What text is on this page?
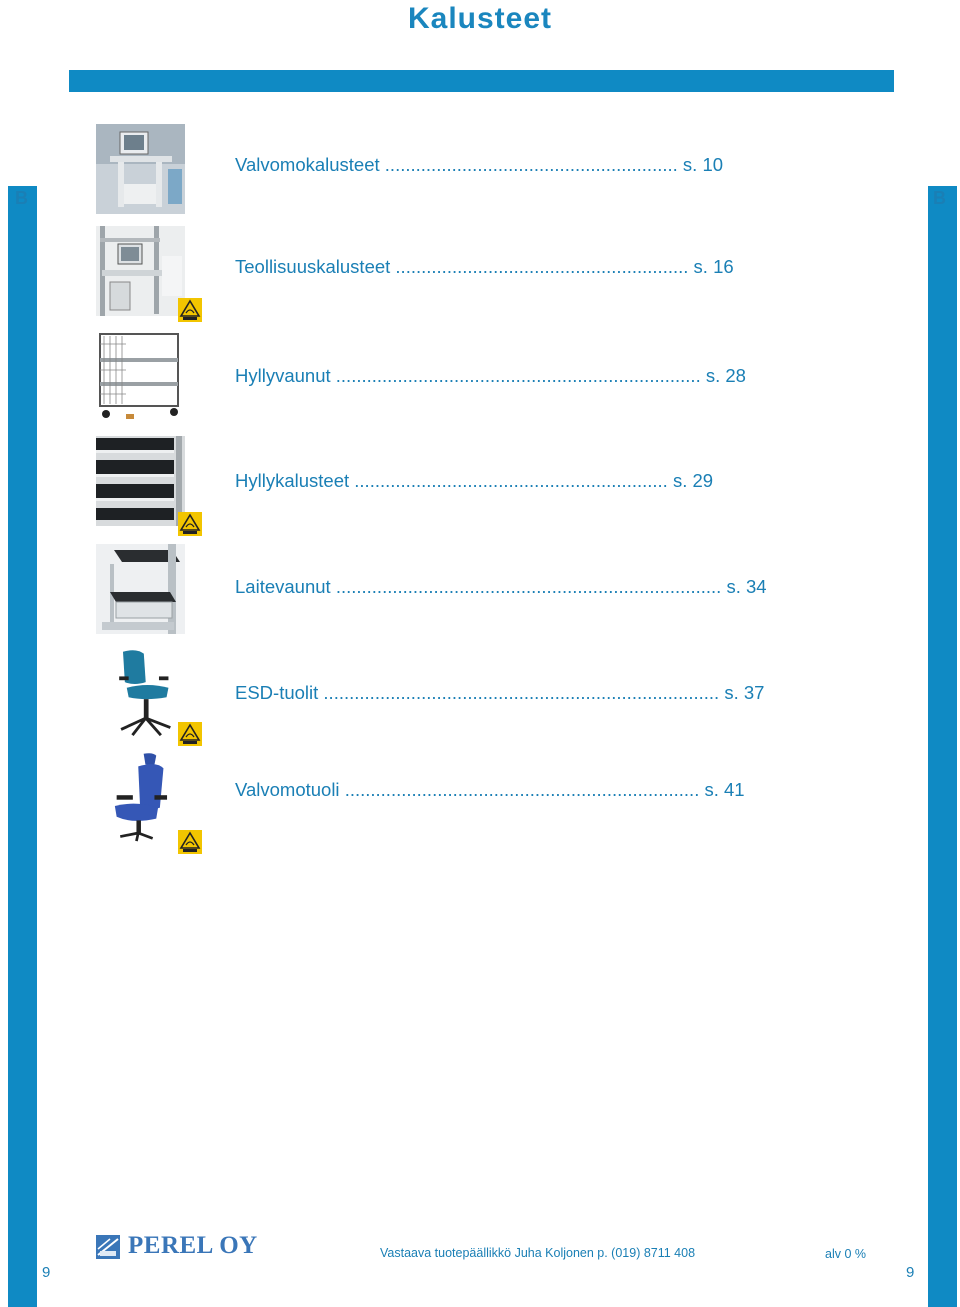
Kalusteet
B	B
Valvomokalusteet ......................................................... s. 10
Teollisuuskalusteet ......................................................... s. 16
Hyllyvaunut ....................................................................... s. 28
Hyllykalusteet ............................................................. s. 29
Laitevaunut ........................................................................... s. 34
ESD-tuolit ............................................................................. s. 37
Valvomotuoli ..................................................................... s. 41
PEREL OY	Vastaava tuotepäällikkö Juha Koljonen p. (019) 8711 408	alv 0 %
9	9
